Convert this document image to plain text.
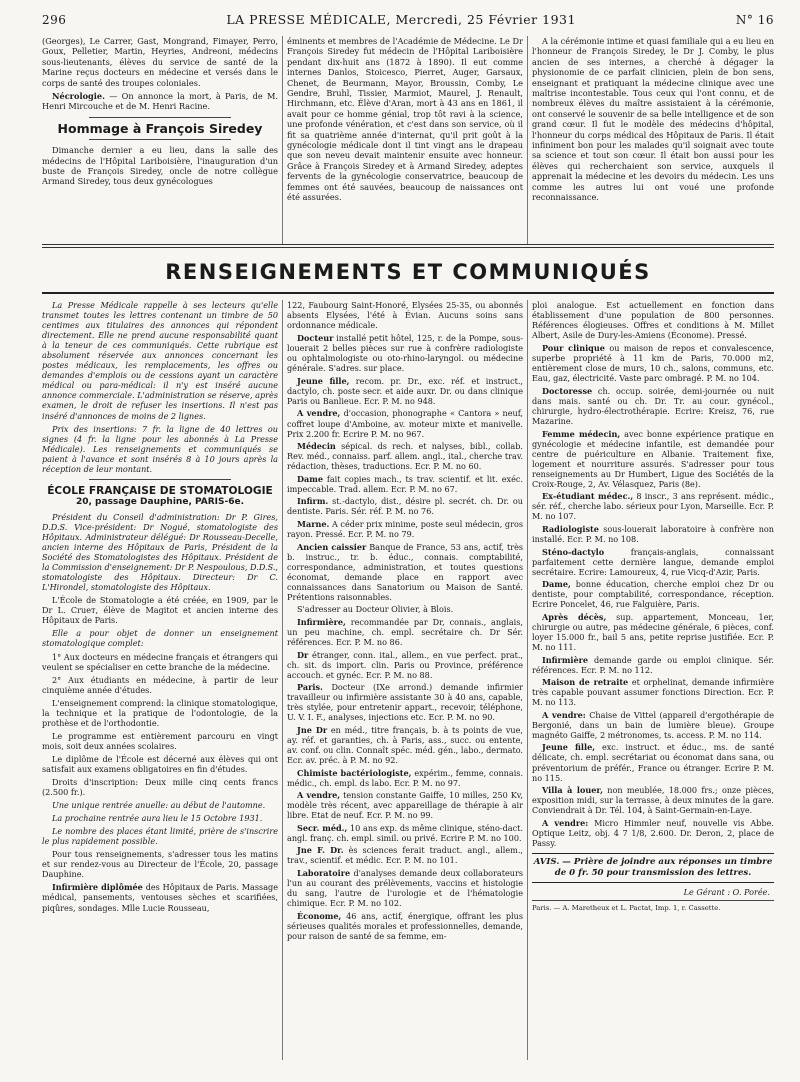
296	LA PRESSE MÉDICALE, Mercredi, 25 Février 1931	N° 16

(Georges), Le Carrer, Gast, Mongrand, Fimayer, Perro, Goux, Pelletier, Martin, Heyries, Andreoni, médecins sous-lieutenants, élèves du service de santé de la Marine reçus docteurs en médecine et versés dans le corps de santé des troupes coloniales.

Nécrologie. — On annonce la mort, à Paris, de M. Henri Mircouche et de M. Henri Racine.

Hommage à François Siredey

Dimanche dernier a eu lieu, dans la salle des médecins de l'Hôpital Lariboisière, l'inauguration d'un buste de François Siredey, oncle de notre collègue Armand Siredey, tous deux gynécologues

éminents et membres de l'Académie de Médecine. Le Dr François Siredey fut médecin de l'Hôpital Lariboisière pendant dix-huit ans (1872 à 1890). Il eut comme internes Danlos, Stoicesco, Pierret, Auger, Garsaux, Chenet, de Beurmann, Mayor, Broussin, Comby, Le Gendre, Bruhl, Tissier, Marmiot, Maurel, J. Renault, Hirchmann, etc. Élève d'Aran, mort à 43 ans en 1861, il avait pour ce homme génial, trop tôt ravi à la science, une profonde vénération, et c'est dans son service, où il fit sa quatrième année d'internat, qu'il prit goût à la gynécologie médicale dont il tint vingt ans le drapeau que son neveu devait maintenir ensuite avec honneur. Grâce à François Siredey et à Armand Siredey, adeptes fervents de la gynécologie conservatrice, beaucoup de femmes ont été sauvées, beaucoup de naissances ont été assurées.

A la cérémonie intime et quasi familiale qui a eu lieu en l'honneur de François Siredey, le Dr J. Comby, le plus ancien de ses internes, a cherché à dégager la physionomie de ce parfait clinicien, plein de bon sens, enseignant et pratiquant la médecine clinique avec une maîtrise incontestable. Tous ceux qui l'ont connu, et de nombreux élèves du maître assistaient à la cérémonie, ont conservé le souvenir de sa belle intelligence et de son grand cœur. Il fut le modèle des médecins d'hôpital, l'honneur du corps médical des Hôpitaux de Paris. Il était infiniment bon pour les malades qu'il soignait avec toute sa science et tout son cœur. Il était bon aussi pour les élèves qui recherchaient son service, auxquels il apprenait la médecine et les devoirs du médecin. Les uns comme les autres lui ont voué une profonde reconnaissance.

RENSEIGNEMENTS ET COMMUNIQUÉS

La Presse Médicale rappelle à ses lecteurs qu'elle transmet toutes les lettres contenant un timbre de 50 centimes aux titulaires des annonces qui répondent directement. Elle ne prend aucune responsabilité quant à la teneur de ces communiqués. Cette rubrique est absolument réservée aux annonces concernant les postes médicaux, les remplacements, les offres ou demandes d'emplois ou de cessions ayant un caractère médical ou para-médical: il n'y est inséré aucune annonce commerciale. L'administration se réserve, après examen, le droit de refuser les insertions. Il n'est pas inséré d'annonces de moins de 2 lignes.

Prix des insertions: 7 fr. la ligne de 40 lettres ou signes (4 fr. la ligne pour les abonnés à La Presse Médicale). Les renseignements et communiqués se paient à l'avance et sont insérés 8 à 10 jours après la réception de leur montant.

ÉCOLE FRANÇAISE DE STOMATOLOGIE
20, passage Dauphine, PARIS-6e.

Président du Conseil d'administration: Dr P. Gires, D.D.S. Vice-président: Dr Nogué, stomatologiste des Hôpitaux. Administrateur délégué: Dr Rousseau-Decelle, ancien interne des Hôpitaux de Paris, Président de la Société des Stomatologistes des Hôpitaux. Président de la Commission d'enseignement: Dr P. Nespoulous, D.D.S., stomatologiste des Hôpitaux. Directeur: Dr C. L'Hirondel, stomatologiste des Hôpitaux.

L'École de Stomatologie a été créée, en 1909, par le Dr L. Crueт, élève de Magitot et ancien interne des Hôpitaux de Paris.

Elle a pour objet de donner un enseignement stomatologique complet:

1° Aux docteurs en médecine français et étrangers qui veulent se spécialiser en cette branche de la médecine.

2° Aux étudiants en médecine, à partir de leur cinquième année d'études.

L'enseignement comprend: la clinique stomatologique, la technique et la pratique de l'odontologie, de la prothèse et de l'orthodontie.

Le programme est entièrement parcouru en vingt mois, soit deux années scolaires.

Le diplôme de l'École est décerné aux élèves qui ont satisfait aux examens obligatoires en fin d'études.

Droits d'inscription: Deux mille cinq cents francs (2.500 fr.).

Une unique rentrée anuelle: au début de l'automne.

La prochaine rentrée aura lieu le 15 Octobre 1931.

Le nombre des places étant limité, prière de s'inscrire le plus rapidement possible.

Pour tous renseignements, s'adresser tous les matins et sur rendez-vous au Directeur de l'École, 20, passage Dauphine.

Infirmière diplômée des Hôpitaux de Paris. Massage médical, pansements, ventouses sèches et scarifiées, piqûres, sondages. Mlle Lucie Rousseau,

122, Faubourg Saint-Honoré, Elysées 25-35, ou abonnés absents Elysées, l'été à Évian. Aucuns soins sans ordonnance médicale.

Docteur installé petit hôtel, 125, r. de la Pompe, sous-louerait 2 belles pièces sur rue à confrère radiologiste ou ophtalmologiste ou oto-rhino-laryngol. ou médecine générale. S'adres. sur place.

Jeune fille, recom. pr. Dr., exc. réf. et instruct., dactylo, ch. poste secr. et aide auxr. Dr. ou dans clinique Paris ou Banlieue. Ecr. P. M. no 948.

A vendre, d'occasion, phonographe « Cantora » neuf, coffret loupe d'Amboine, av. moteur mixte et manivelle. Prix 2.200 fr. Ecrire P. M. no 967.

Médecin sépical. ds rech. et nalyses, bibl., collab. Rev. méd., connaiss. parf. allem. angl., ital., cherche trav. rédaction, thèses, traductions. Ecr. P. M. no 60.

Dame fait copies mach., ts trav. scientif. et lit. exéc. impeccable. Trad. allem. Ecr. P. M. no 67.

Infirm. st.-dactylo, dist., désire pl. secrét. ch. Dr. ou dentiste. Paris. Sér. réf. P. M. no 76.

Marne. A céder prix minime, poste seul médecin, gros rayon. Pressé. Ecr. P. M. no 79.

Ancien caissier Banque de France, 53 ans, actif, très b. instruc., tr. b. éduc., connais. comptabilité, correspondance, administration, et toutes questions économat, demande place en rapport avec connaissances dans Sanatorium ou Maison de Santé. Prétentions raisonnables.

S'adresser au Docteur Olivier, à Blois.

Infirmière, recommandée par Dr, connais., anglais, un peu machine, ch. empl. secrétaire ch. Dr Sér. références. Ecr. P. M. no 86.

Dr étranger, conn. ital., allem., en vue perfect. prat., ch. sit. ds import. clin. Paris ou Province, préférence accouch. et gynéc. Ecr. P. M. no 88.

Paris. Docteur (IXe arrond.) demande infirmier travailleur ou infirmière assistante 30 à 40 ans, capable, très stylée, pour entretenir appart., recevoir, téléphone, U. V. I. F., analyses, injections etc. Ecr. P. M. no 90.

Jne Dr en méd., titre français, b. à ts points de vue, ay. réf. et garanties, ch. à Paris, ass., succ. ou entente, av. conf. ou clin. Connaît spéc. méd. gén., labo., dermato. Ecr. av. préc. à P. M. no 92.

Chimiste bactériologiste, expérim., femme, connais. médic., ch. empl. ds labo. Ecr. P. M. no 97.

A vendre, tension constante Gaiffe, 10 milles, 250 Kv, modèle très récent, avec appareillage de thérapie à air libre. Etat de neuf. Ecr. P. M. no 99.

Secr. méd., 10 ans exp. ds même clinique, sténo-dact. angl. franç. ch. empl. simil. ou privé. Ecrire P. M. no 100.

Jne F. Dr. ès sciences ferait traduct. angl., allem., trav., scientif. et médic. Ecr. P. M. no 101.

Laboratoire d'analyses demande deux collaborateurs l'un au courant des prélèvements, vaccins et histologie du sang, l'autre de l'urologie et de l'hématologie chimique. Ecr. P. M. no 102.

Économe, 46 ans, actif, énergique, offrant les plus sérieuses qualités morales et professionnelles, demande, pour raison de santé de sa femme, em-

ploi analogue. Est actuellement en fonction dans établissement d'une population de 800 personnes. Références élogieuses. Offres et conditions à M. Millet Albert, Asile de Dury-les-Amiens (Économe). Pressé.

Pour clinique ou maison de repos et convalescence, superbe propriété à 11 km de Paris, 70.000 m2, entièrement close de murs, 10 ch., salons, communs, etc. Eau, gaz, électricité. Vaste parc ombragé. P. M. no 104.

Doctoresse ch. occup. soirée, demi-journée ou nuit dans mais. santé ou ch. Dr. Tr. au cour. gynécol., chirurgie, hydro-électrothérapie. Ecrire: Kreisz, 76, rue Mazarine.

Femme médecin, avec bonne expérience pratique en gynécologie et médecine infantile, est demandée pour centre de puériculture en Albanie. Traitement fixe, logement et nourriture assurés. S'adresser pour tous renseignements au Dr Humbert, Ligue des Sociétés de la Croix-Rouge, 2, Av. Vélasquez, Paris (8e).

Ex-étudiant médec., 8 inscr., 3 ans représent. médic., sér. réf., cherche labo. sérieux pour Lyon, Marseille. Ecr. P. M. no 107.

Radiologiste sous-louerait laboratoire à confrère non installé. Ecr. P. M. no 108.

Sténo-dactylo	français-anglais, connaissant parfaitement cette dernière langue, demande emploi secrétaire. Ecrire: Lamoureux, 4, rue Vicq-d'Azir, Paris.

Dame, bonne éducation, cherche emploi chez Dr ou dentiste, pour comptabilité, correspondance, réception. Ecrire Poncelet, 46, rue Falguière, Paris.

Après décès, sup. appartement, Monceau, 1er, chirurgie ou autre, pas médecine générale, 6 pièces, conf. loyer 15.000 fr., bail 5 ans, petite reprise justifiée. Ecr. P. M. no 111.

Infirmière demande garde ou emploi clinique. Sér. références. Ecr. P. M. no 112.

Maison de retraite et orphelinat, demande infirmière très capable pouvant assumer fonctions Direction. Ecr. P. M. no 113.

A vendre: Chaise de Vittel (appareil d'ergothérapie de Bergonié, dans un bain de lumière bleue). Groupe magnéto Gaiffe, 2 métronomes, ts. access. P. M. no 114.

Jeune fille, exc. instruct. et éduc., ms. de santé délicate, ch. empl. secrétariat ou économat dans sana, ou préventorium de préfér., France ou étranger. Ecrire P. M. no 115.

Villa à louer, non meublée, 18.000 frs.; onze pièces, exposition midi, sur la terrasse, à deux minutes de la gare. Conviendrait à Dr. Tél. 104, à Saint-Germain-en-Laye.

A vendre: Micro Himmler neuf, nouvelle vis Abbe. Optique Leitz, obj. 4 7 1/8, 2.600. Dr. Deron, 2, place de Passy.

AVIS. — Prière de joindre aux réponses un timbre de 0 fr. 50 pour transmission des lettres.
Le Gérant : O. Porée.
Paris. — A. Maretheux et L. Pactat, Imp. 1, r. Cassette.
